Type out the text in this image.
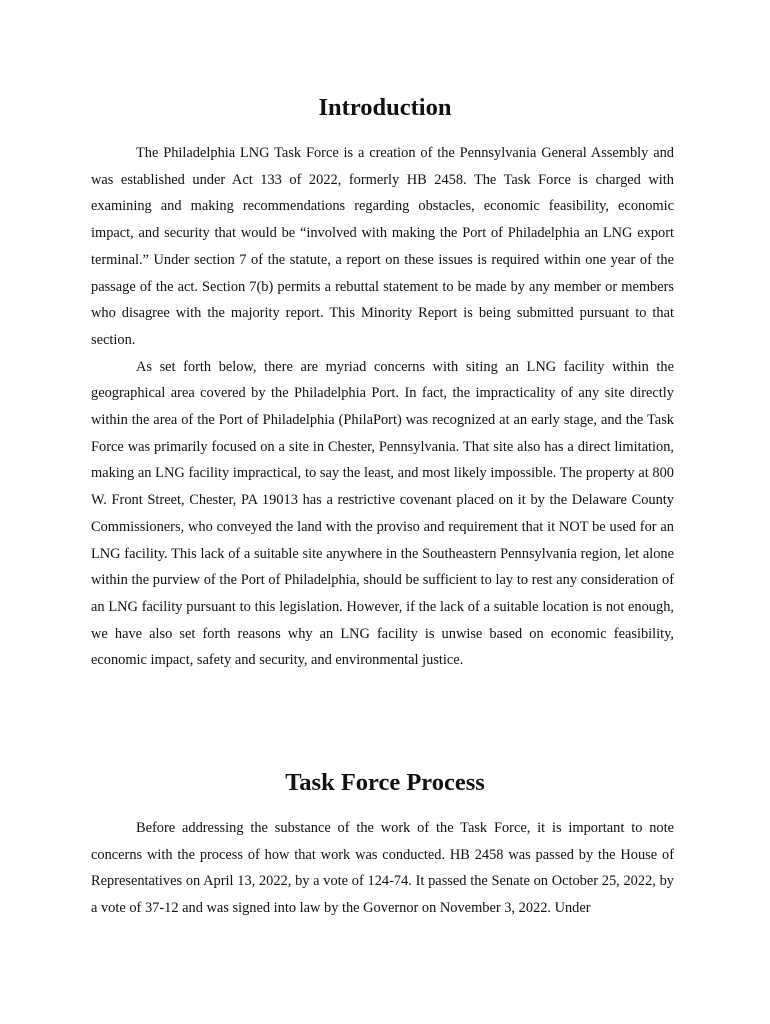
Introduction

The Philadelphia LNG Task Force is a creation of the Pennsylvania General Assembly and was established under Act 133 of 2022, formerly HB 2458. The Task Force is charged with examining and making recommendations regarding obstacles, economic feasibility, economic impact, and security that would be “involved with making the Port of Philadelphia an LNG export terminal.” Under section 7 of the statute, a report on these issues is required within one year of the passage of the act. Section 7(b) permits a rebuttal statement to be made by any member or members who disagree with the majority report. This Minority Report is being submitted pursuant to that section.

As set forth below, there are myriad concerns with siting an LNG facility within the geographical area covered by the Philadelphia Port. In fact, the impracticality of any site directly within the area of the Port of Philadelphia (PhilaPort) was recognized at an early stage, and the Task Force was primarily focused on a site in Chester, Pennsylvania. That site also has a direct limitation, making an LNG facility impractical, to say the least, and most likely impossible. The property at 800 W. Front Street, Chester, PA 19013 has a restrictive covenant placed on it by the Delaware County Commissioners, who conveyed the land with the proviso and requirement that it NOT be used for an LNG facility. This lack of a suitable site anywhere in the Southeastern Pennsylvania region, let alone within the purview of the Port of Philadelphia, should be sufficient to lay to rest any consideration of an LNG facility pursuant to this legislation. However, if the lack of a suitable location is not enough, we have also set forth reasons why an LNG facility is unwise based on economic feasibility, economic impact, safety and security, and environmental justice.

Task Force Process

Before addressing the substance of the work of the Task Force, it is important to note concerns with the process of how that work was conducted. HB 2458 was passed by the House of Representatives on April 13, 2022, by a vote of 124-74. It passed the Senate on October 25, 2022, by a vote of 37-12 and was signed into law by the Governor on November 3, 2022. Under
